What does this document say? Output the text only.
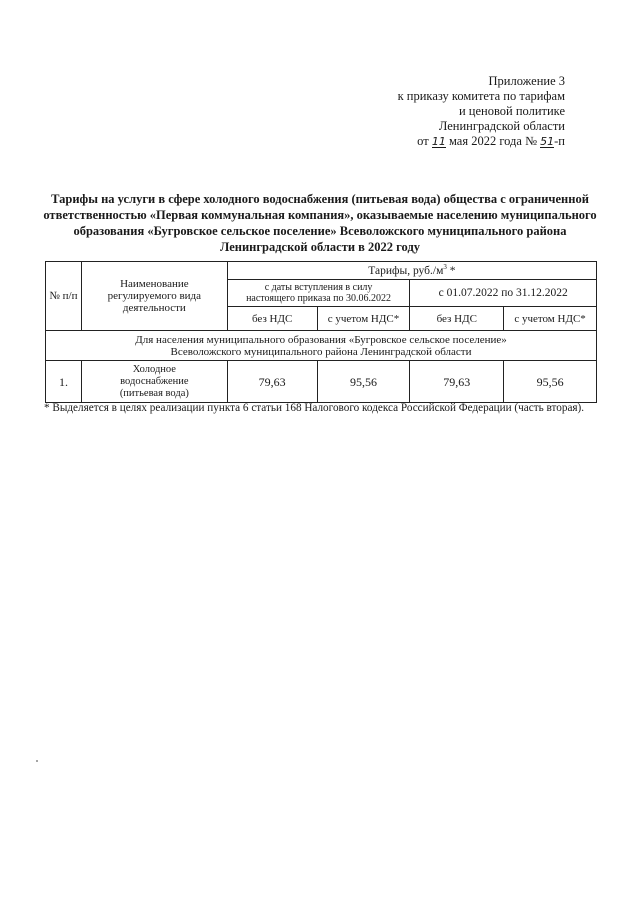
Приложение 3
к приказу комитета по тарифам
и ценовой политике
Ленинградской области
от 11 мая 2022 года № 51-п
Тарифы на услуги в сфере холодного водоснабжения (питьевая вода) общества с ограниченной
ответственностью «Первая коммунальная компания», оказываемые населению муниципального
образования «Бугровское сельское поселение» Всеволожского муниципального района
Ленинградской области в 2022 году
№ п/п	Наименование регулируемого вида деятельности	Тарифы, $руб./м^3$ *			
		с даты вступления в силу настоящего приказа по 30.06.2022		с 01.07.2022 по 31.12.2022	
		без НДС	с учетом НДС*	без НДС	с учетом НДС*

Для населения муниципального образования «Бугровское сельское поселение»
Всеволожского муниципального района Ленинградской области					

1.	Холодное водоснабжение (питьевая вода)	79,63	95,56	79,63	95,56
* Выделяется в целях реализации пункта 6 статьи 168 Налогового кодекса Российской Федерации (часть вторая).
